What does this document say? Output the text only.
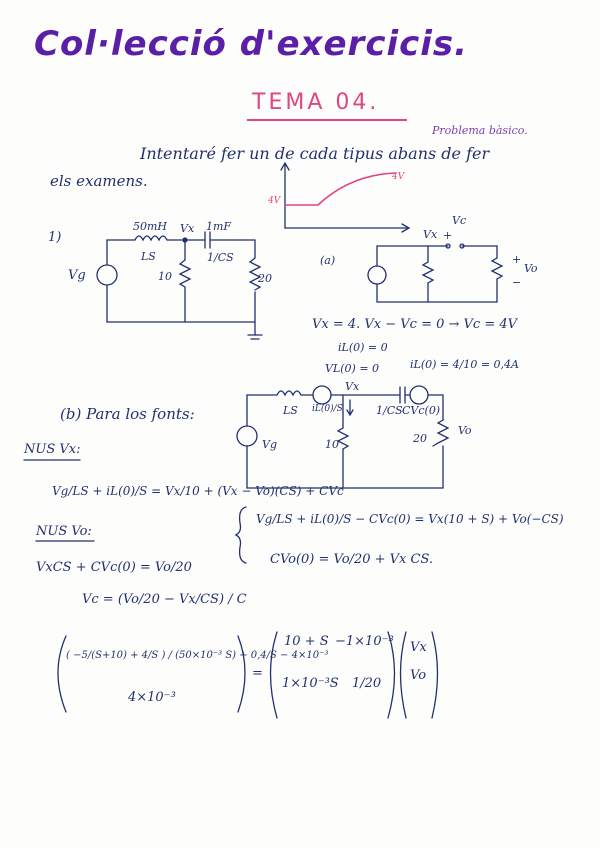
Col·lecció d'exercicis.
TEMA 04.
Problema bàsico.
Intentaré fer un de cada tipus abans de fer
els examens.
4V
4V
1)
Vg
50mH
LS
Vx 1mF
1/CS
10	20
(a)
Vx +
Vc
+
Vo
−
Vx = 4. Vx − Vc = 0 → Vc = 4V
iL(0) = 0
VL(0) = 0	iL(0) = 4/10 = 0,4A
(b) Para los fonts:
Vg
LS iL(0)/S
Vx
1/CS CVc(0)
10	20
Vo
NUS Vx:
Vg/LS + iL(0)/S = Vx/10 + (Vx − Vo)(CS) + CVc
NUS Vo:
VxCS + CVc(0) = Vo/20
Vc = (Vo/20 − Vx/CS) / C
Vg/LS + iL(0)/S − CVc(0) = Vx(10 + S) + Vo(−CS)
CVo(0) = Vo/20 + Vx CS.
( −5/(S+10) + 4/S ) / (50×10⁻³ S) + 0,4/S − 4×10⁻³
4×10⁻³
=
10 + S −1×10⁻³
1×10⁻³S 1/20
Vx
Vo
